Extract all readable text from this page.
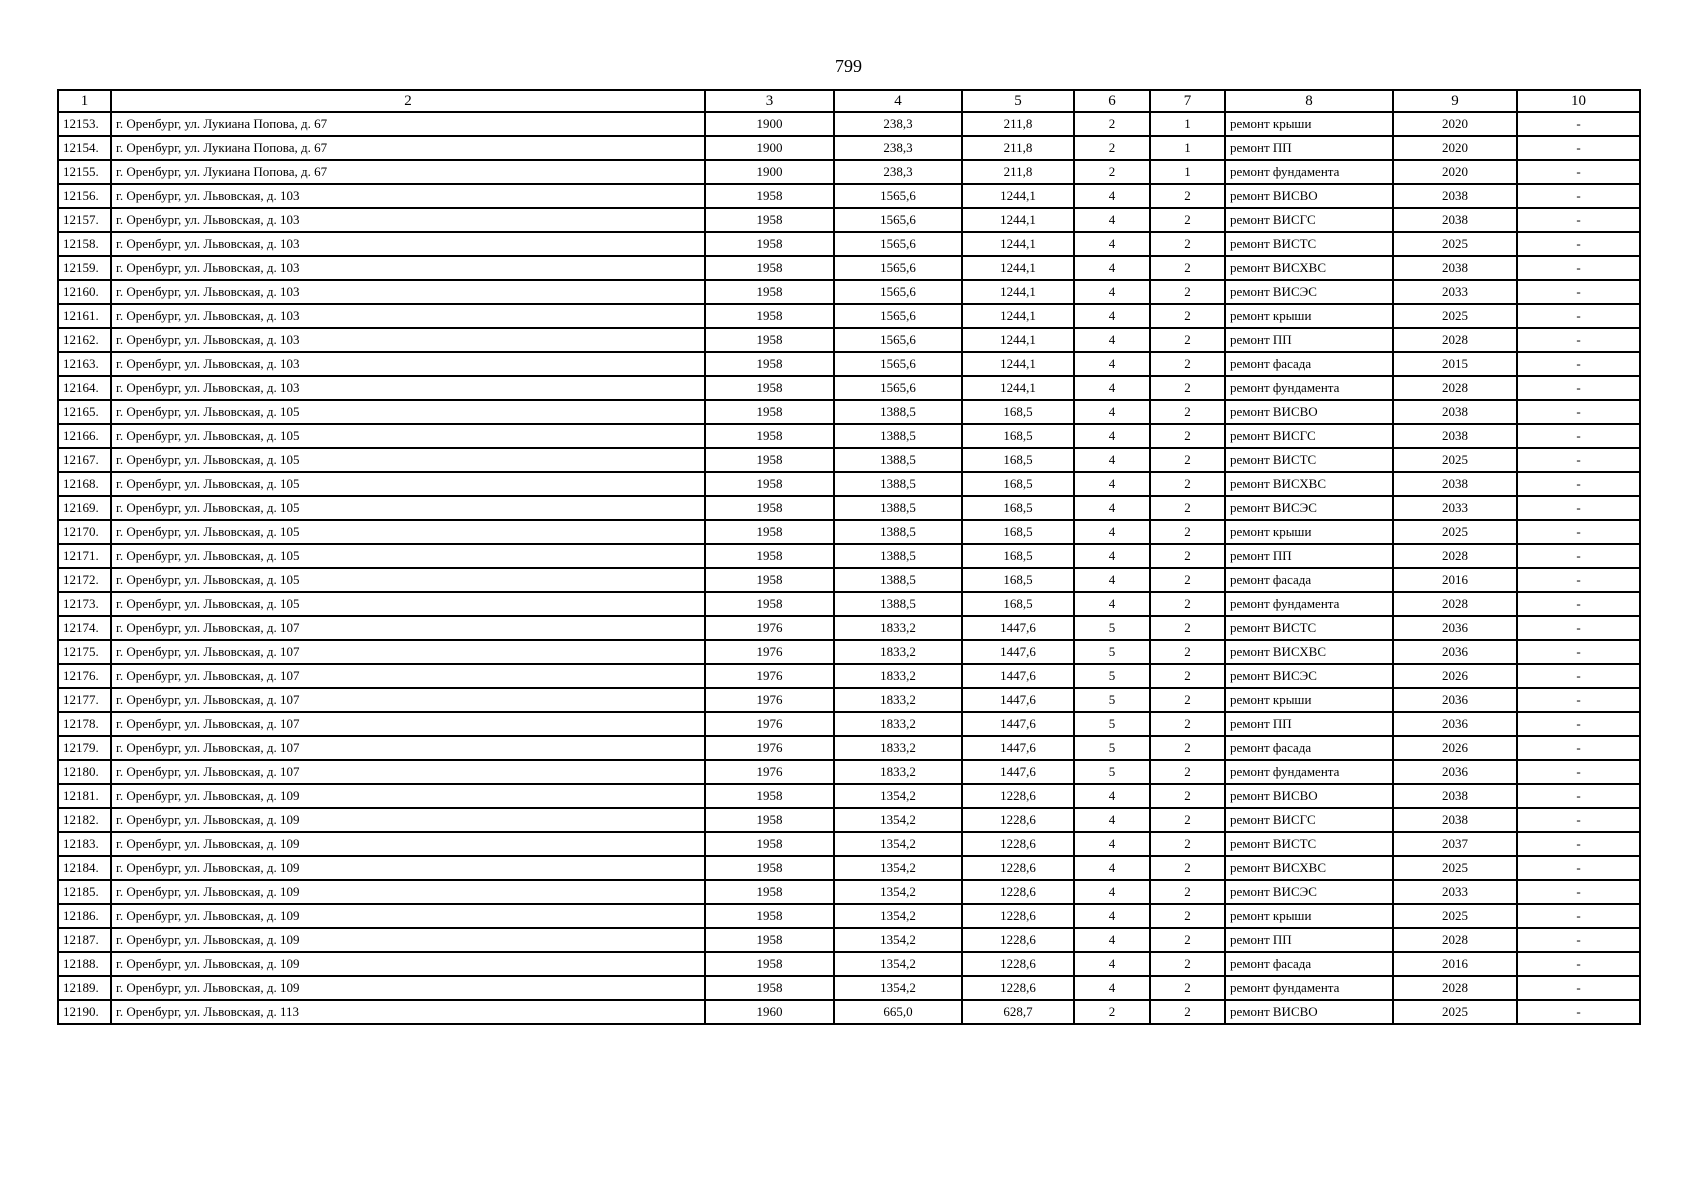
799
1	2	3	4	5	6	7	8	9	10
12153.	г. Оренбург, ул. Лукиана Попова, д. 67	1900	238,3	211,8	2	1	ремонт крыши	2020	-
12154.	г. Оренбург, ул. Лукиана Попова, д. 67	1900	238,3	211,8	2	1	ремонт ПП	2020	-
12155.	г. Оренбург, ул. Лукиана Попова, д. 67	1900	238,3	211,8	2	1	ремонт фундамента	2020	-
12156.	г. Оренбург, ул. Львовская, д. 103	1958	1565,6	1244,1	4	2	ремонт ВИСВО	2038	-
12157.	г. Оренбург, ул. Львовская, д. 103	1958	1565,6	1244,1	4	2	ремонт ВИСГС	2038	-
12158.	г. Оренбург, ул. Львовская, д. 103	1958	1565,6	1244,1	4	2	ремонт ВИСТС	2025	-
12159.	г. Оренбург, ул. Львовская, д. 103	1958	1565,6	1244,1	4	2	ремонт ВИСХВС	2038	-
12160.	г. Оренбург, ул. Львовская, д. 103	1958	1565,6	1244,1	4	2	ремонт ВИСЭС	2033	-
12161.	г. Оренбург, ул. Львовская, д. 103	1958	1565,6	1244,1	4	2	ремонт крыши	2025	-
12162.	г. Оренбург, ул. Львовская, д. 103	1958	1565,6	1244,1	4	2	ремонт ПП	2028	-
12163.	г. Оренбург, ул. Львовская, д. 103	1958	1565,6	1244,1	4	2	ремонт фасада	2015	-
12164.	г. Оренбург, ул. Львовская, д. 103	1958	1565,6	1244,1	4	2	ремонт фундамента	2028	-
12165.	г. Оренбург, ул. Львовская, д. 105	1958	1388,5	168,5	4	2	ремонт ВИСВО	2038	-
12166.	г. Оренбург, ул. Львовская, д. 105	1958	1388,5	168,5	4	2	ремонт ВИСГС	2038	-
12167.	г. Оренбург, ул. Львовская, д. 105	1958	1388,5	168,5	4	2	ремонт ВИСТС	2025	-
12168.	г. Оренбург, ул. Львовская, д. 105	1958	1388,5	168,5	4	2	ремонт ВИСХВС	2038	-
12169.	г. Оренбург, ул. Львовская, д. 105	1958	1388,5	168,5	4	2	ремонт ВИСЭС	2033	-
12170.	г. Оренбург, ул. Львовская, д. 105	1958	1388,5	168,5	4	2	ремонт крыши	2025	-
12171.	г. Оренбург, ул. Львовская, д. 105	1958	1388,5	168,5	4	2	ремонт ПП	2028	-
12172.	г. Оренбург, ул. Львовская, д. 105	1958	1388,5	168,5	4	2	ремонт фасада	2016	-
12173.	г. Оренбург, ул. Львовская, д. 105	1958	1388,5	168,5	4	2	ремонт фундамента	2028	-
12174.	г. Оренбург, ул. Львовская, д. 107	1976	1833,2	1447,6	5	2	ремонт ВИСТС	2036	-
12175.	г. Оренбург, ул. Львовская, д. 107	1976	1833,2	1447,6	5	2	ремонт ВИСХВС	2036	-
12176.	г. Оренбург, ул. Львовская, д. 107	1976	1833,2	1447,6	5	2	ремонт ВИСЭС	2026	-
12177.	г. Оренбург, ул. Львовская, д. 107	1976	1833,2	1447,6	5	2	ремонт крыши	2036	-
12178.	г. Оренбург, ул. Львовская, д. 107	1976	1833,2	1447,6	5	2	ремонт ПП	2036	-
12179.	г. Оренбург, ул. Львовская, д. 107	1976	1833,2	1447,6	5	2	ремонт фасада	2026	-
12180.	г. Оренбург, ул. Львовская, д. 107	1976	1833,2	1447,6	5	2	ремонт фундамента	2036	-
12181.	г. Оренбург, ул. Львовская, д. 109	1958	1354,2	1228,6	4	2	ремонт ВИСВО	2038	-
12182.	г. Оренбург, ул. Львовская, д. 109	1958	1354,2	1228,6	4	2	ремонт ВИСГС	2038	-
12183.	г. Оренбург, ул. Львовская, д. 109	1958	1354,2	1228,6	4	2	ремонт ВИСТС	2037	-
12184.	г. Оренбург, ул. Львовская, д. 109	1958	1354,2	1228,6	4	2	ремонт ВИСХВС	2025	-
12185.	г. Оренбург, ул. Львовская, д. 109	1958	1354,2	1228,6	4	2	ремонт ВИСЭС	2033	-
12186.	г. Оренбург, ул. Львовская, д. 109	1958	1354,2	1228,6	4	2	ремонт крыши	2025	-
12187.	г. Оренбург, ул. Львовская, д. 109	1958	1354,2	1228,6	4	2	ремонт ПП	2028	-
12188.	г. Оренбург, ул. Львовская, д. 109	1958	1354,2	1228,6	4	2	ремонт фасада	2016	-
12189.	г. Оренбург, ул. Львовская, д. 109	1958	1354,2	1228,6	4	2	ремонт фундамента	2028	-
12190.	г. Оренбург, ул. Львовская, д. 113	1960	665,0	628,7	2	2	ремонт ВИСВО	2025	-
